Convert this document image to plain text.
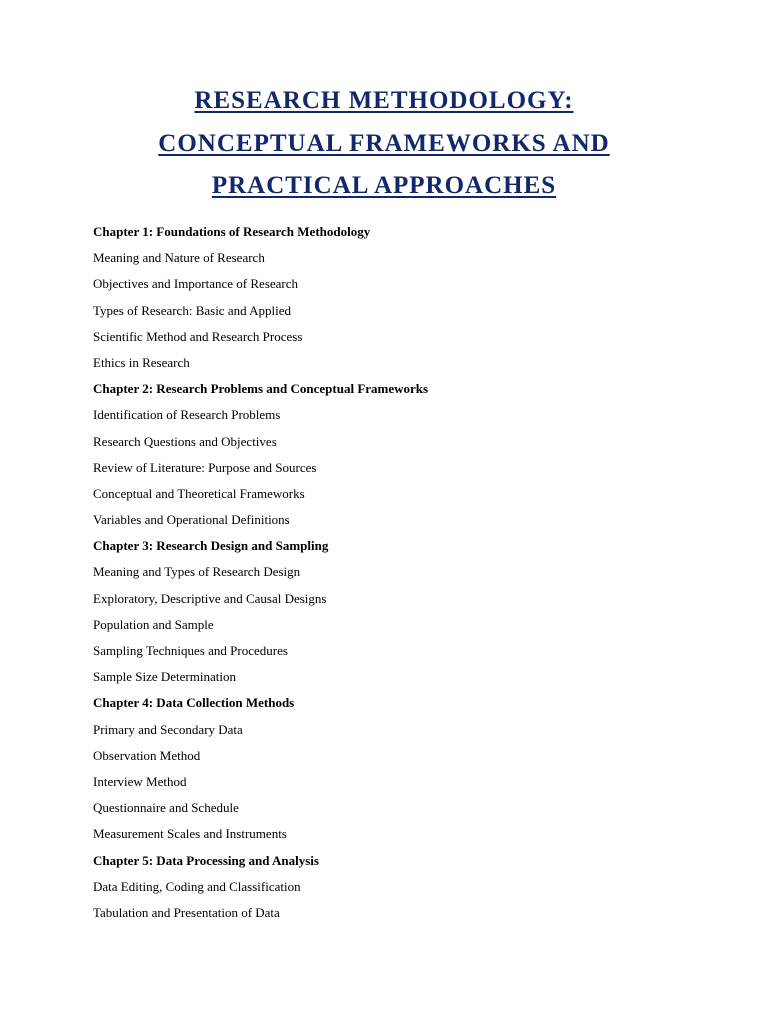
RESEARCH METHODOLOGY:
CONCEPTUAL FRAMEWORKS AND
PRACTICAL APPROACHES
Chapter 1: Foundations of Research Methodology
Meaning and Nature of Research
Objectives and Importance of Research
Types of Research: Basic and Applied
Scientific Method and Research Process
Ethics in Research
Chapter 2: Research Problems and Conceptual Frameworks
Identification of Research Problems
Research Questions and Objectives
Review of Literature: Purpose and Sources
Conceptual and Theoretical Frameworks
Variables and Operational Definitions
Chapter 3: Research Design and Sampling
Meaning and Types of Research Design
Exploratory, Descriptive and Causal Designs
Population and Sample
Sampling Techniques and Procedures
Sample Size Determination
Chapter 4: Data Collection Methods
Primary and Secondary Data
Observation Method
Interview Method
Questionnaire and Schedule
Measurement Scales and Instruments
Chapter 5: Data Processing and Analysis
Data Editing, Coding and Classification
Tabulation and Presentation of Data
